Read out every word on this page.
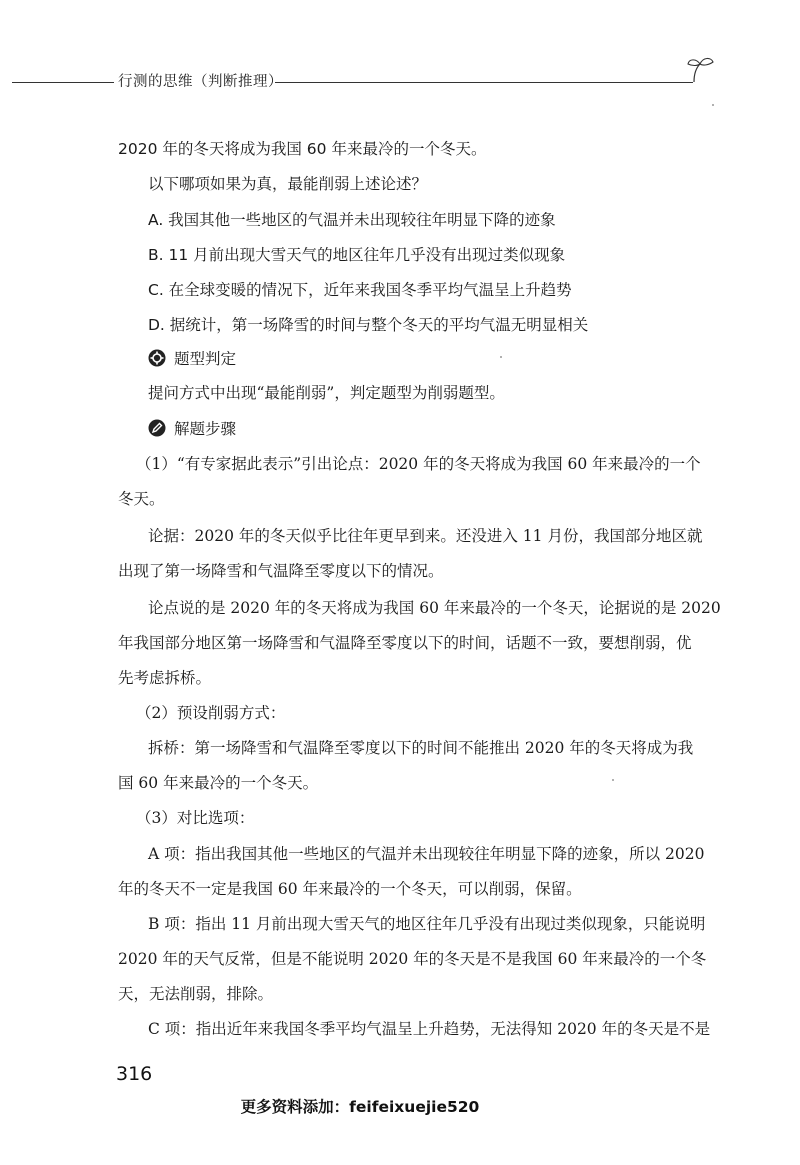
行测的思维（判断推理）
2020 年的冬天将成为我国 60 年来最冷的一个冬天。
以下哪项如果为真，最能削弱上述论述？
A. 我国其他一些地区的气温并未出现较往年明显下降的迹象
B. 11 月前出现大雪天气的地区往年几乎没有出现过类似现象
C. 在全球变暖的情况下，近年来我国冬季平均气温呈上升趋势
D. 据统计，第一场降雪的时间与整个冬天的平均气温无明显相关
题型判定
提问方式中出现“最能削弱”，判定题型为削弱题型。
解题步骤
（1）“有专家据此表示”引出论点：2020 年的冬天将成为我国 60 年来最冷的一个
冬天。
论据：2020 年的冬天似乎比往年更早到来。还没进入 11 月份，我国部分地区就
出现了第一场降雪和气温降至零度以下的情况。
论点说的是 2020 年的冬天将成为我国 60 年来最冷的一个冬天，论据说的是 2020
年我国部分地区第一场降雪和气温降至零度以下的时间，话题不一致，要想削弱，优
先考虑拆桥。
（2）预设削弱方式：
拆桥：第一场降雪和气温降至零度以下的时间不能推出 2020 年的冬天将成为我
国 60 年来最冷的一个冬天。
（3）对比选项：
A 项：指出我国其他一些地区的气温并未出现较往年明显下降的迹象，所以 2020
年的冬天不一定是我国 60 年来最冷的一个冬天，可以削弱，保留。
B 项：指出 11 月前出现大雪天气的地区往年几乎没有出现过类似现象，只能说明
2020 年的天气反常，但是不能说明 2020 年的冬天是不是我国 60 年来最冷的一个冬
天，无法削弱，排除。
C 项：指出近年来我国冬季平均气温呈上升趋势，无法得知 2020 年的冬天是不是
316
更多资料添加：feifeixuejie520
